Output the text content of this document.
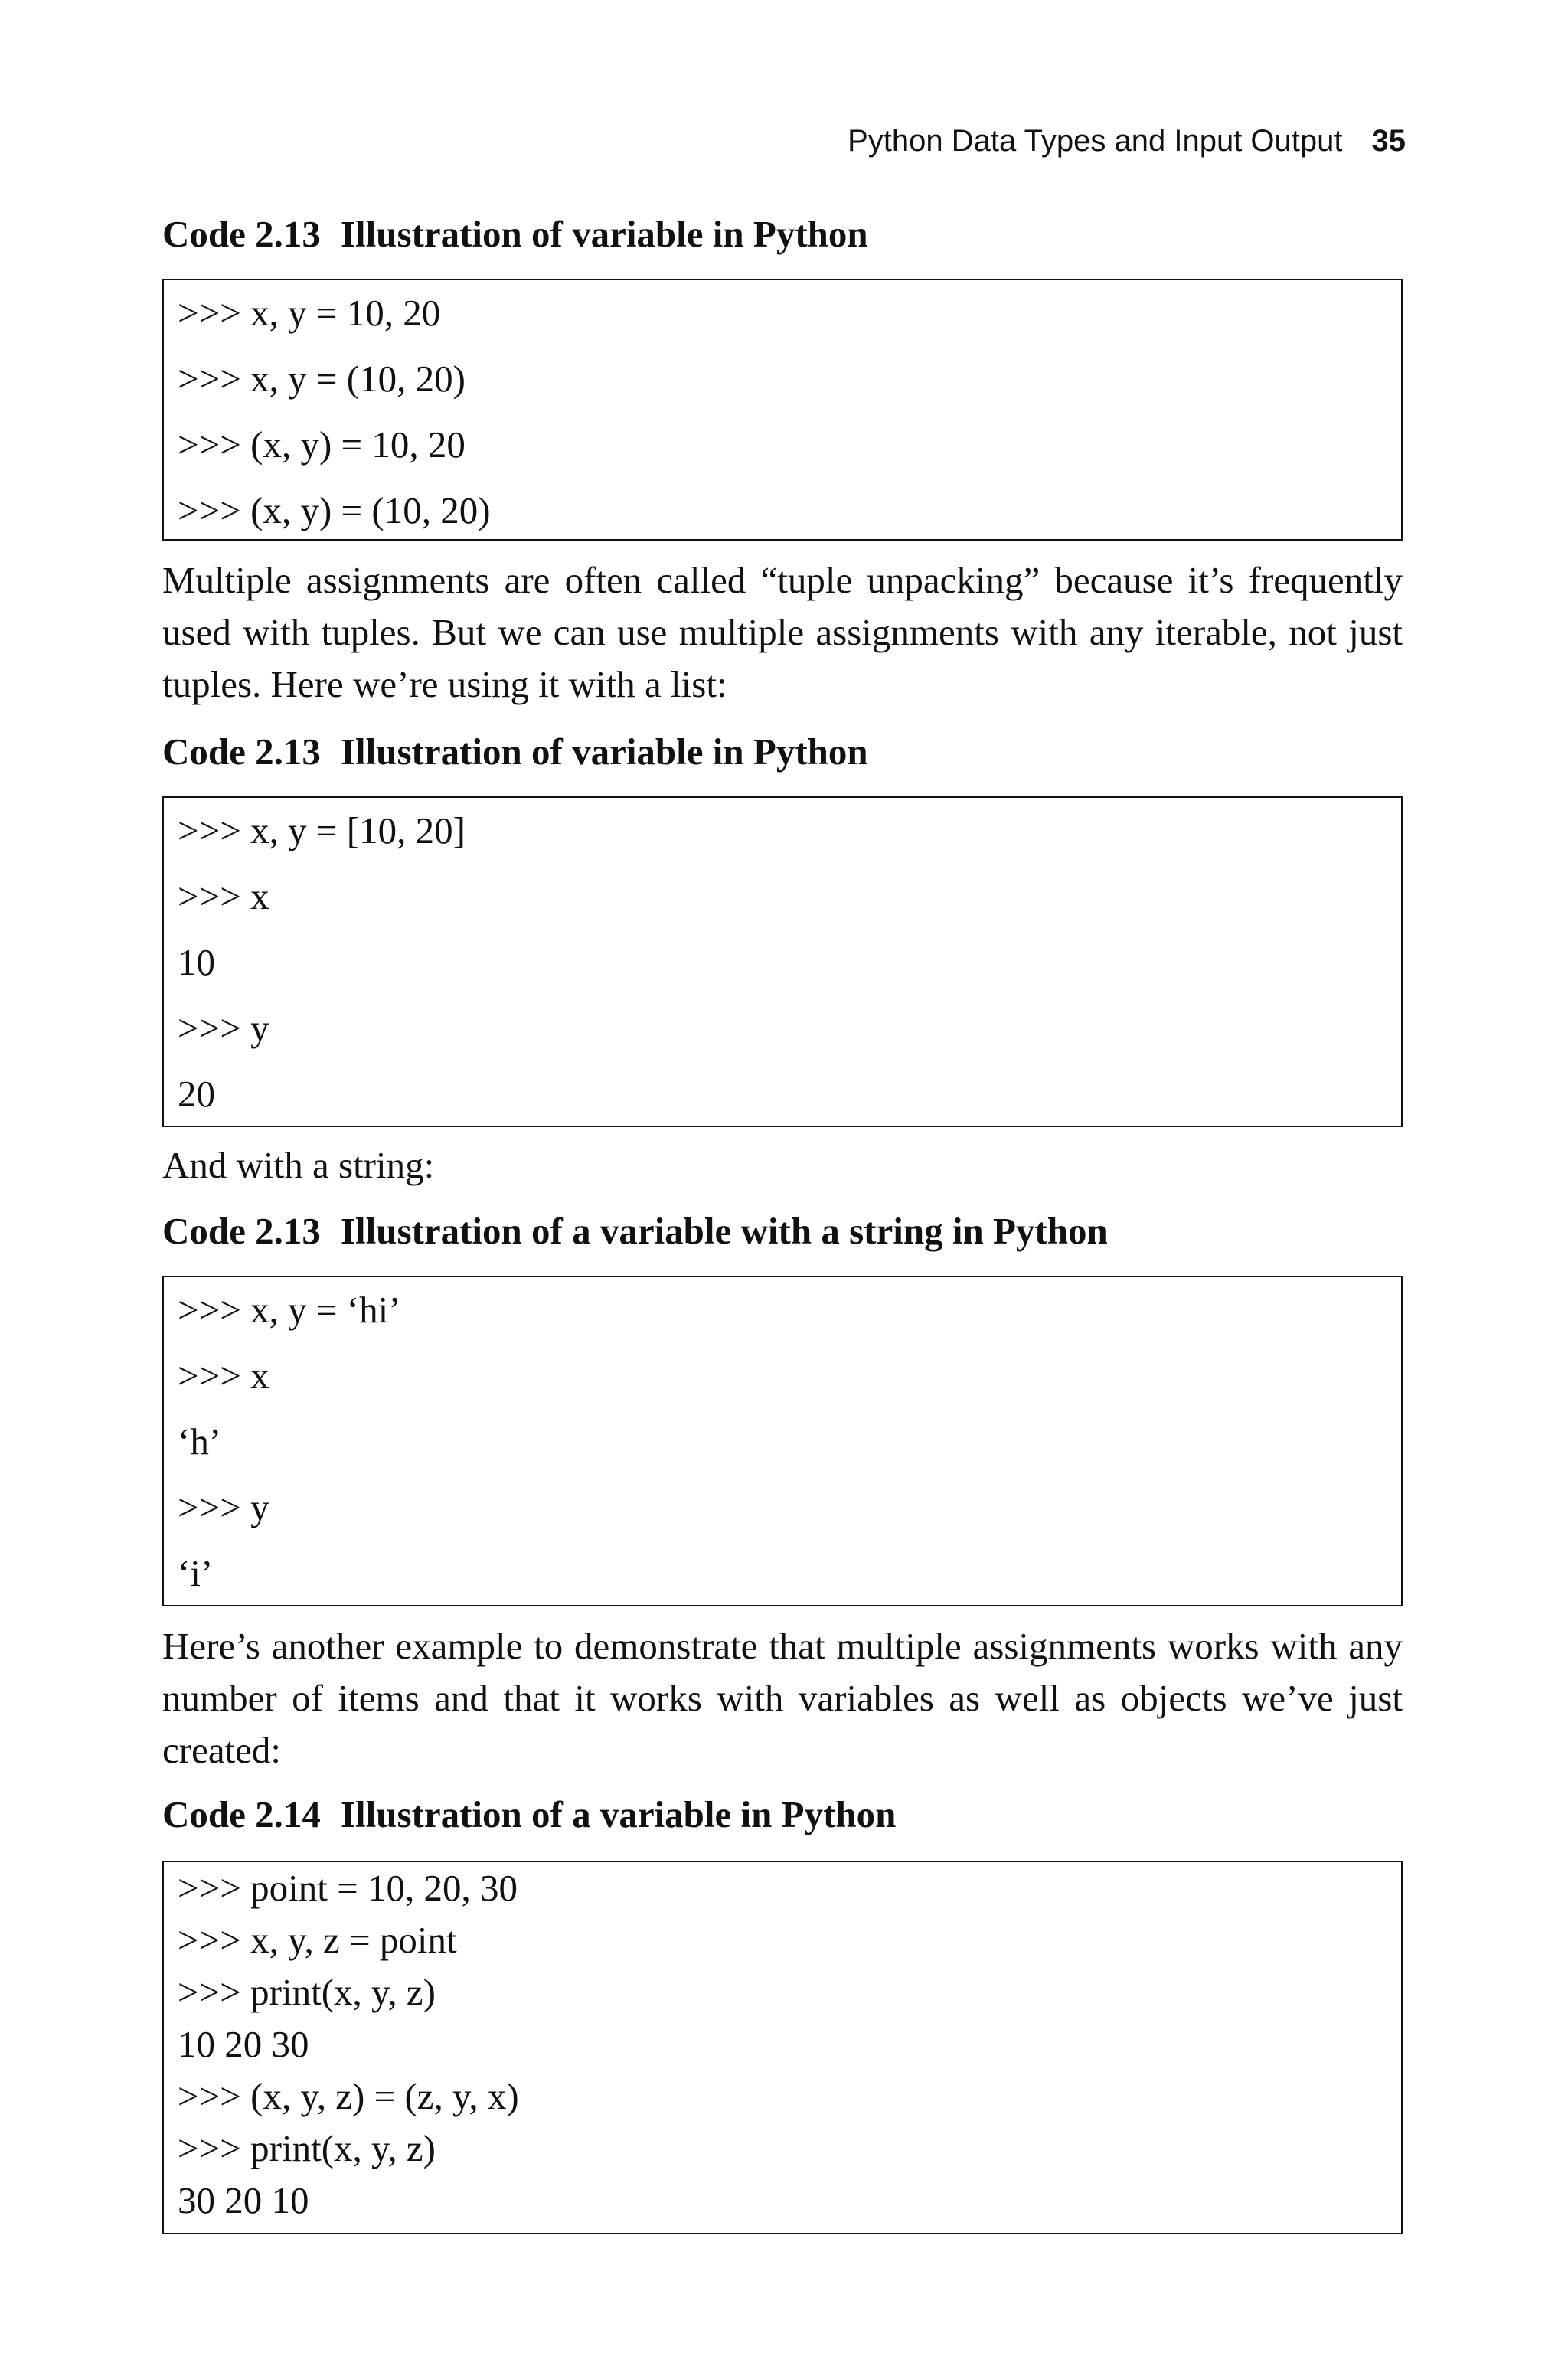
Python Data Types and Input Output 35
Code 2.13 Illustration of variable in Python
>>> x, y = 10, 20
>>> x, y = (10, 20)
>>> (x, y) = 10, 20
>>> (x, y) = (10, 20)
Multiple assignments are often called “tuple unpacking” because it’s frequently used with tuples. But we can use multiple assignments with any iterable, not just tuples. Here we’re using it with a list:
Code 2.13 Illustration of variable in Python
>>> x, y = [10, 20]
>>> x
10
>>> y
20
And with a string:
Code 2.13 Illustration of a variable with a string in Python
>>> x, y = ‘hi’
>>> x
‘h’
>>> y
‘i’
Here’s another example to demonstrate that multiple assignments works with any number of items and that it works with variables as well as objects we’ve just created:
Code 2.14 Illustration of a variable in Python
>>> point = 10, 20, 30
>>> x, y, z = point
>>> print(x, y, z)
10 20 30
>>> (x, y, z) = (z, y, x)
>>> print(x, y, z)
30 20 10
